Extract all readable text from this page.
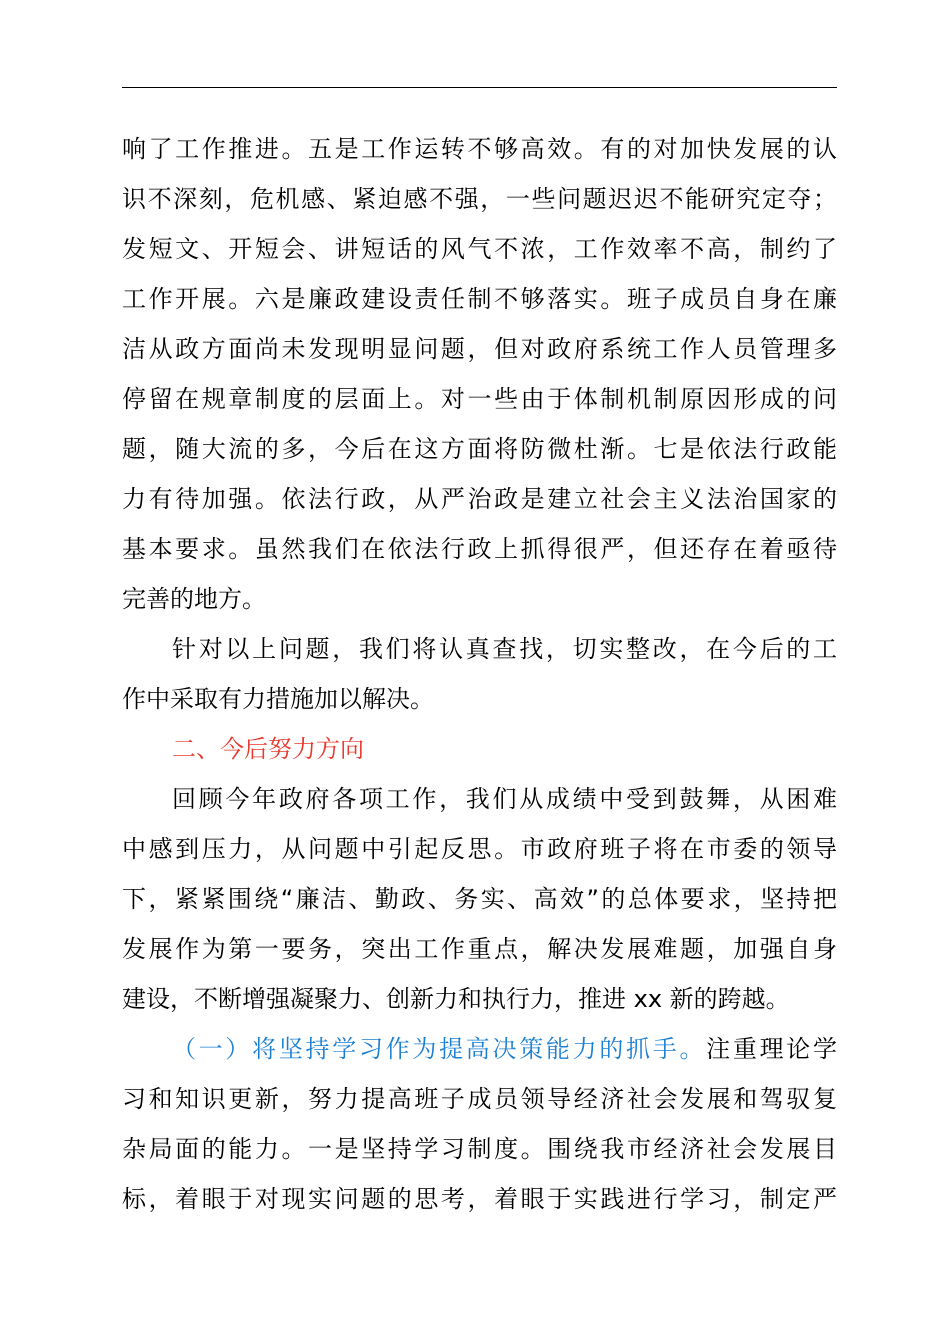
响了工作推进。五是工作运转不够高效。有的对加快发展的认
识不深刻，危机感、紧迫感不强，一些问题迟迟不能研究定夺；
发短文、开短会、讲短话的风气不浓，工作效率不高，制约了
工作开展。六是廉政建设责任制不够落实。班子成员自身在廉
洁从政方面尚未发现明显问题，但对政府系统工作人员管理多
停留在规章制度的层面上。对一些由于体制机制原因形成的问
题，随大流的多，今后在这方面将防微杜渐。七是依法行政能
力有待加强。依法行政，从严治政是建立社会主义法治国家的
基本要求。虽然我们在依法行政上抓得很严，但还存在着亟待
完善的地方。
针对以上问题，我们将认真查找，切实整改，在今后的工
作中采取有力措施加以解决。
二、今后努力方向
回顾今年政府各项工作，我们从成绩中受到鼓舞，从困难
中感到压力，从问题中引起反思。市政府班子将在市委的领导
下，紧紧围绕“廉洁、勤政、务实、高效”的总体要求，坚持把
发展作为第一要务，突出工作重点，解决发展难题，加强自身
建设，不断增强凝聚力、创新力和执行力，推进 xx 新的跨越。
（一）将坚持学习作为提高决策能力的抓手。注重理论学
习和知识更新，努力提高班子成员领导经济社会发展和驾驭复
杂局面的能力。一是坚持学习制度。围绕我市经济社会发展目
标，着眼于对现实问题的思考，着眼于实践进行学习，制定严
